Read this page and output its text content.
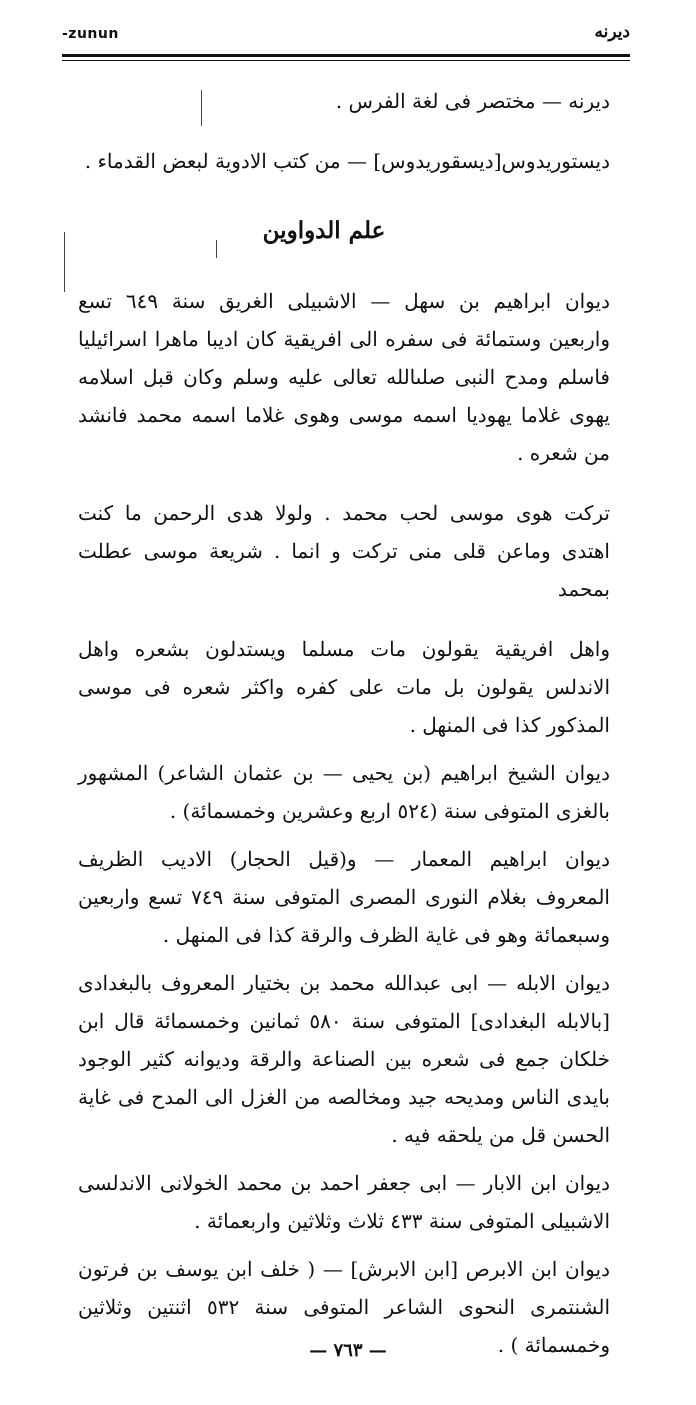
-zunun	ديرنه

ديرنه — مختصر فى لغة الفرس .

ديستوريدوس[ديسقوريدوس] — من كتب الادوية لبعض القدماء .

علم الدواوين

ديوان ابراهيم بن سهل — الاشبيلى الغريق سنة ٦٤٩ تسع واربعين وستمائة فى سفره الى افريقية كان اديبا ماهرا اسرائيليا فاسلم ومدح النبى صلىالله تعالى عليه وسلم وكان قبل اسلامه يهوى غلاما يهوديا اسمه موسى وهوى غلاما اسمه محمد فانشد من شعره .

تركت هوى موسى لحب محمد . ولولا هدى الرحمن ما كنت اهتدى وماعن قلى منى تركت و انما . شريعة موسى عطلت بمحمد

واهل افريقية يقولون مات مسلما ويستدلون بشعره واهل الاندلس يقولون بل مات على كفره واكثر شعره فى موسى المذكور كذا فى المنهل .

ديوان الشيخ ابراهيم (بن يحيى — بن عثمان الشاعر) المشهور بالغزى المتوفى سنة (٥٢٤ اربع وعشرين وخمسمائة) .

ديوان ابراهيم المعمار — و(قيل الحجار) الاديب الظريف المعروف بغلام النورى المصرى المتوفى سنة ٧٤٩ تسع واربعين وسبعمائة وهو فى غاية الظرف والرقة كذا فى المنهل .

ديوان الابله — ابى عبدالله محمد بن بختيار المعروف بالبغدادى [بالابله البغدادى] المتوفى سنة ٥٨٠ ثمانين وخمسمائة قال ابن خلكان جمع فى شعره بين الصناعة والرقة وديوانه كثير الوجود بايدى الناس ومديحه جيد ومخالصه من الغزل الى المدح فى غاية الحسن قل من يلحقه فيه .

ديوان ابن الابار — ابى جعفر احمد بن محمد الخولانى الاندلسى الاشبيلى المتوفى سنة ٤٣٣ ثلاث وثلاثين واربعمائة .

ديوان ابن الابرص [ابن الابرش] — ( خلف ابن يوسف بن فرتون الشنتمرى النحوى الشاعر المتوفى سنة ٥٣٢ اثنتين وثلاثين وخمسمائة ) .

— ٧٦٣ —
